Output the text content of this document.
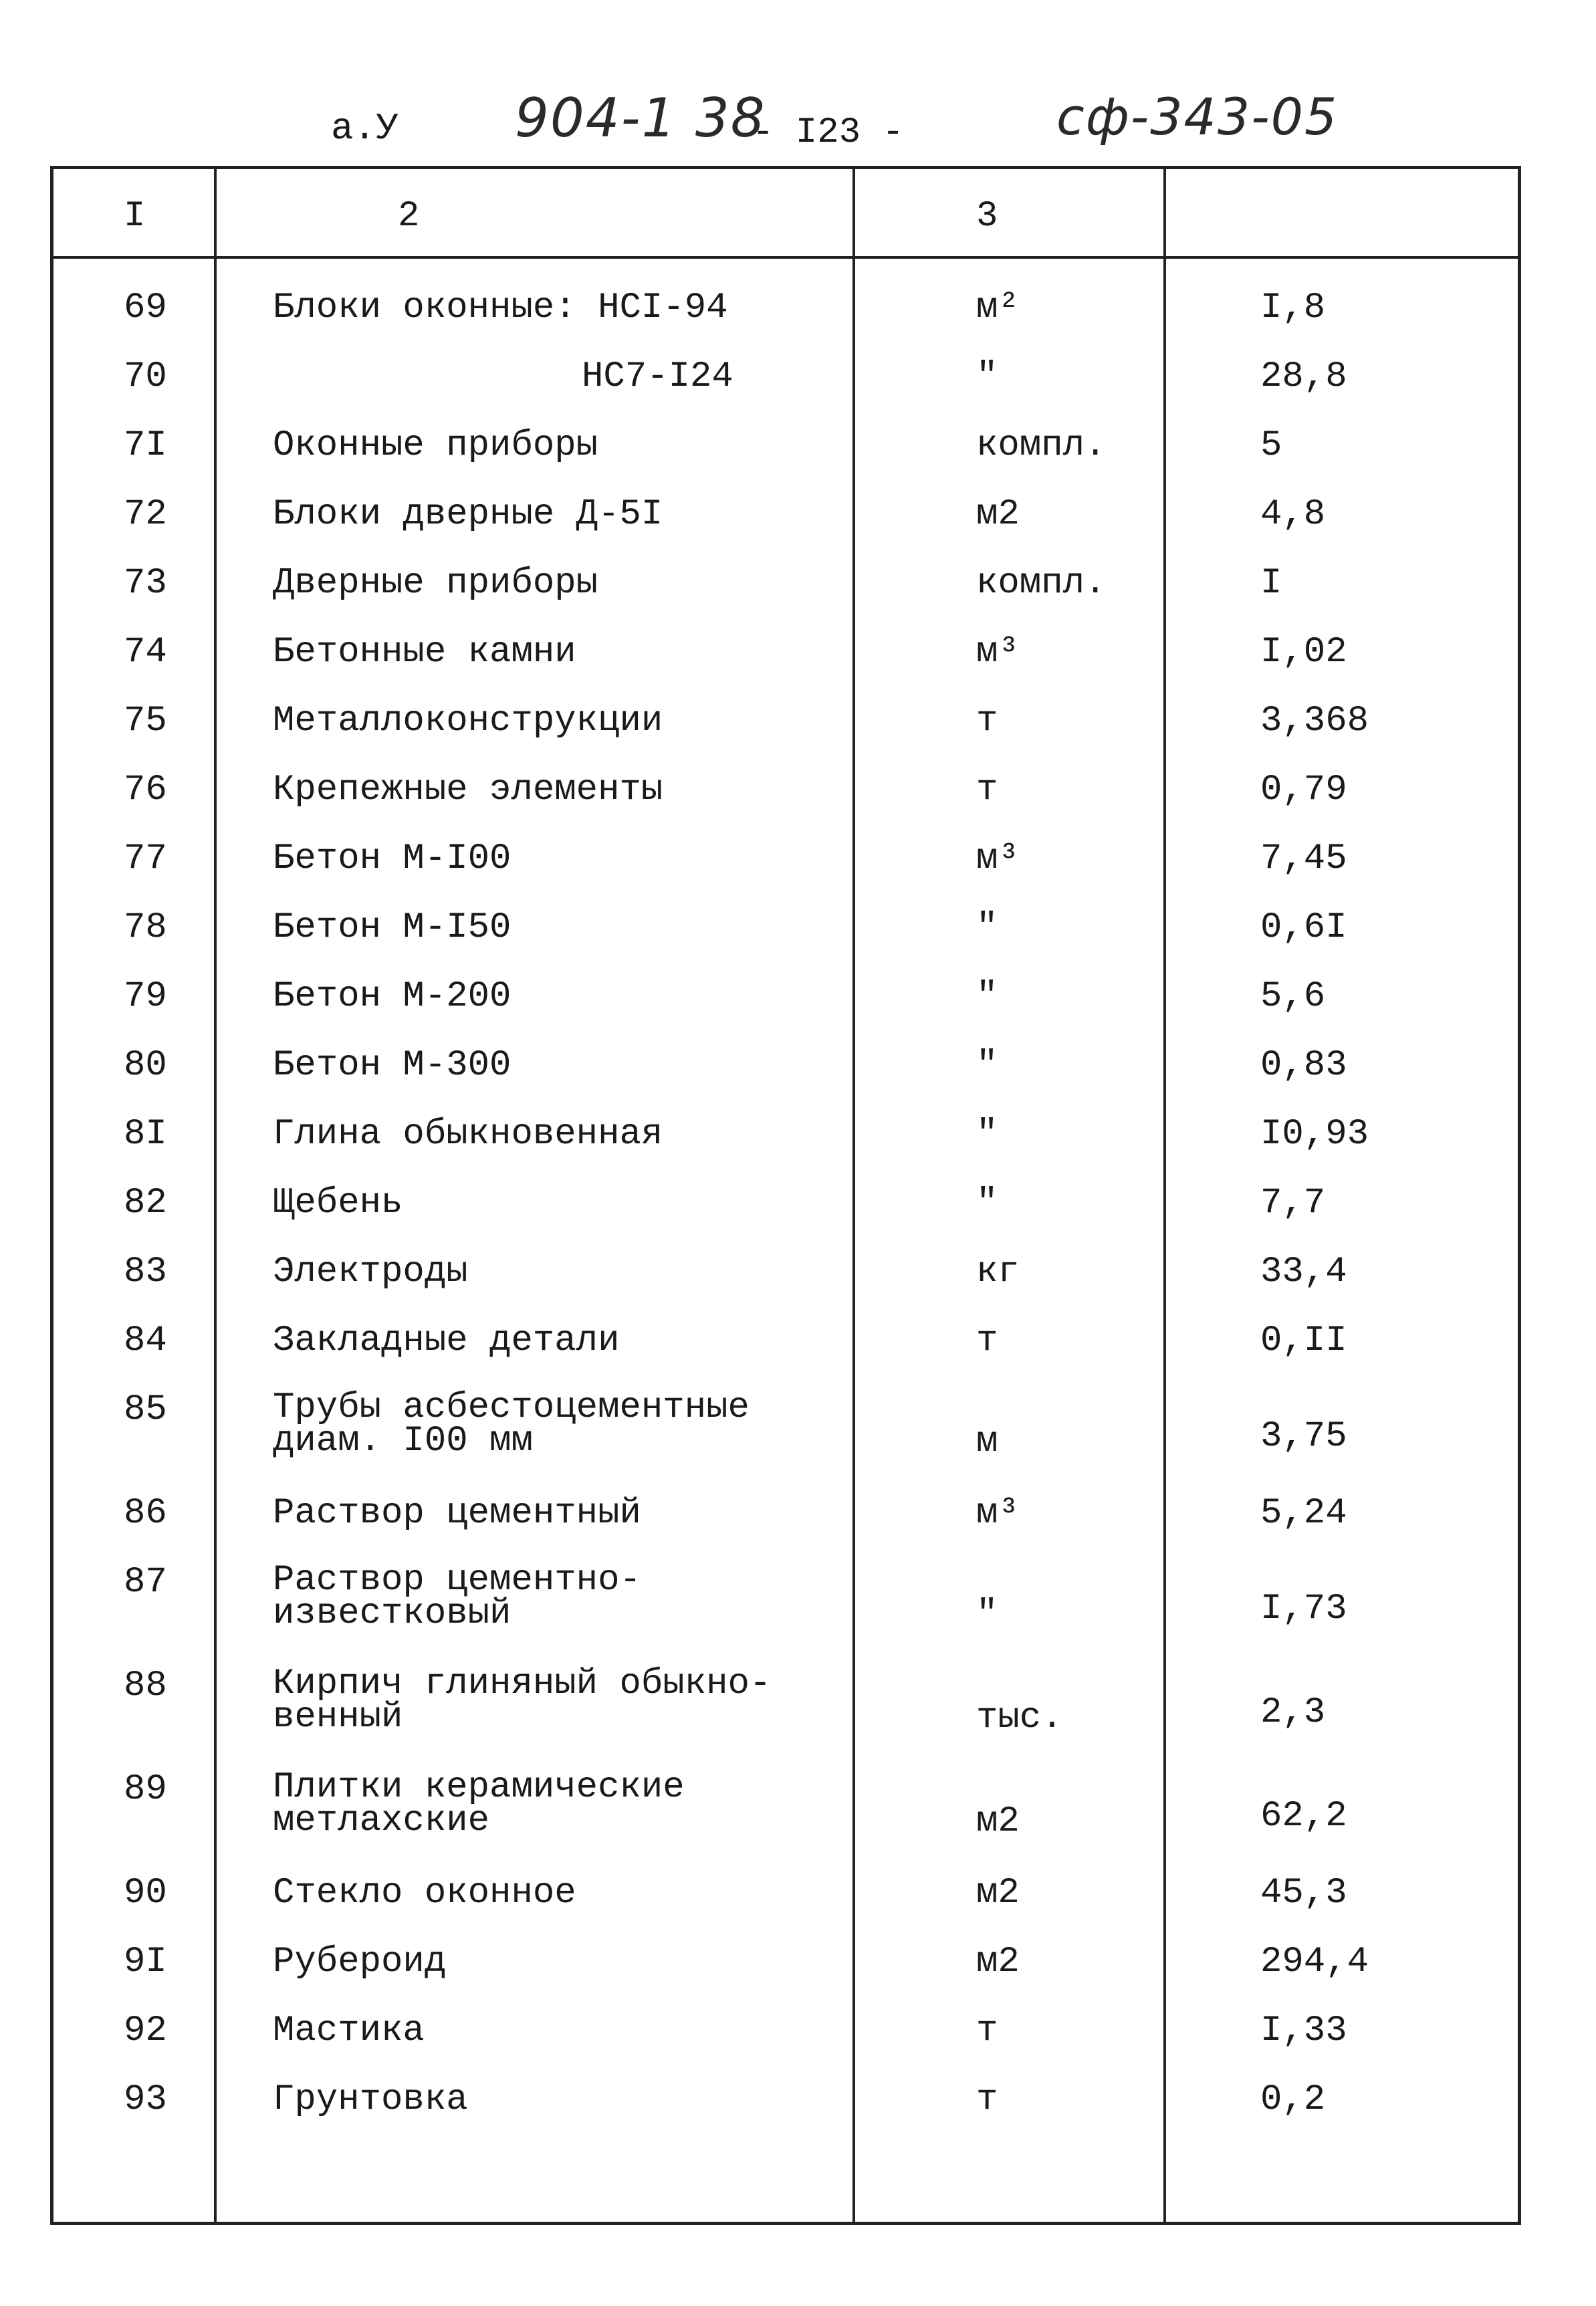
а.У 904-1 38
- I23 -	сф-343-05
I	2	3
69	Блоки оконные: НСI-94	м²	I,8
70	НС7-I24	"	28,8
7I	Оконные приборы	компл.	5
72	Блоки дверные Д-5I	м2	4,8
73	Дверные приборы	компл.	I
74	Бетонные камни	м³	I,02
75	Металлоконструкции	т	3,368
76	Крепежные элементы	т	0,79
77	Бетон М-I00	м³	7,45
78	Бетон М-I50	"	0,6I
79	Бетон М-200	"	5,6
80	Бетон М-300	"	0,83
8I	Глина обыкновенная	"	I0,93
82	Щебень	"	7,7
83	Электроды	кг	33,4
84	Закладные детали	т	0,II
85	Трубы асбестоцементные
диам. I00 мм	м	3,75
86	Раствор цементный	м³	5,24
87	Раствор цементно-
известковый	"	I,73
88	Кирпич глиняный обыкно-
венный	тыс.	2,3
89	Плитки керамические
метлахские	м2	62,2
90	Стекло оконное	м2	45,3
9I	Рубероид	м2	294,4
92	Мастика	т	I,33
93	Грунтовка	т	0,2
